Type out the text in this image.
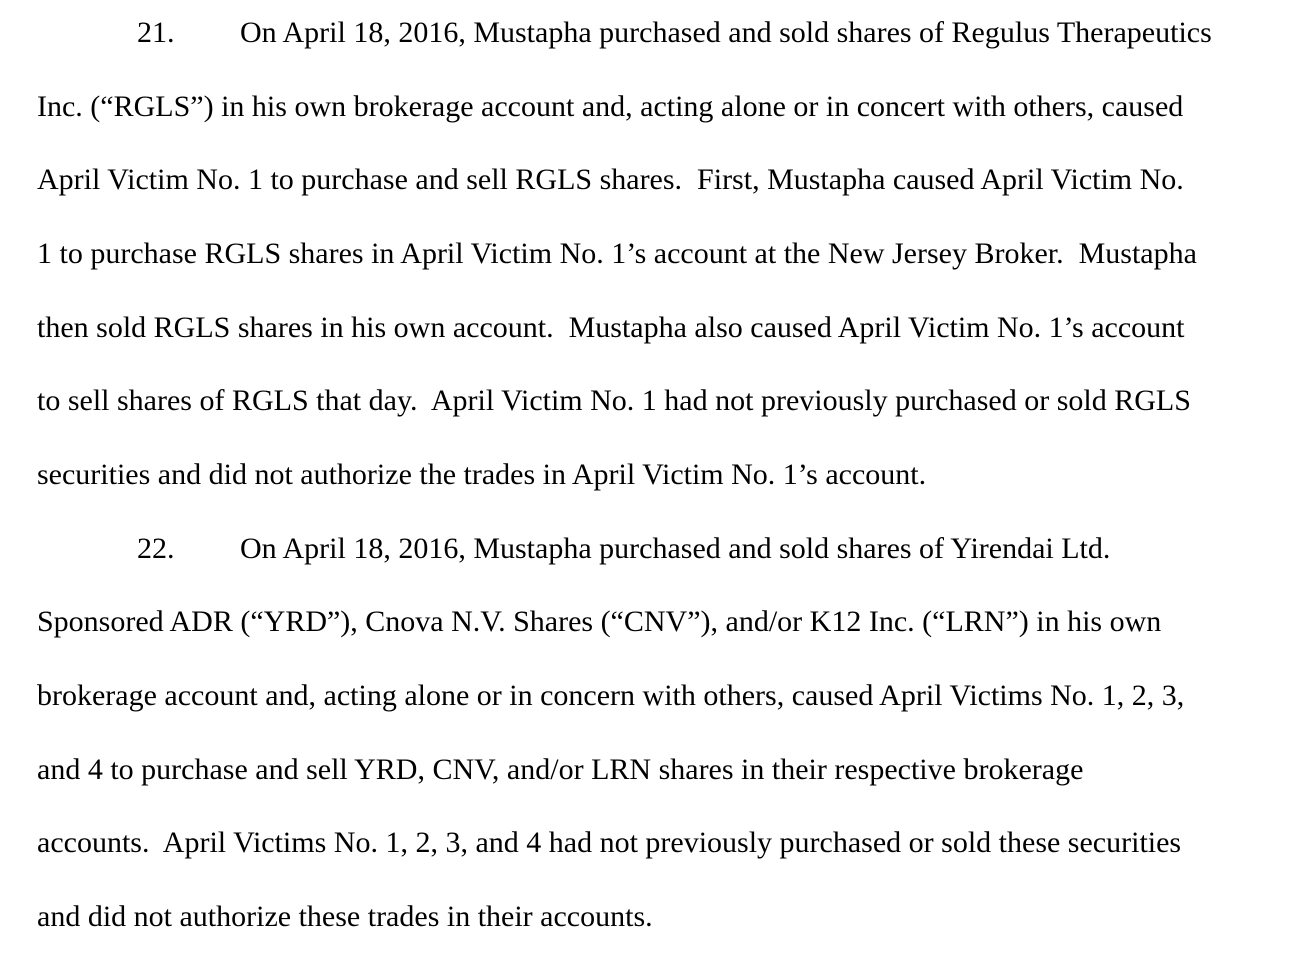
21. On April 18, 2016, Mustapha purchased and sold shares of Regulus Therapeutics
Inc. (“RGLS”) in his own brokerage account and, acting alone or in concert with others, caused
April Victim No. 1 to purchase and sell RGLS shares.  First, Mustapha caused April Victim No.
1 to purchase RGLS shares in April Victim No. 1’s account at the New Jersey Broker.  Mustapha
then sold RGLS shares in his own account.  Mustapha also caused April Victim No. 1’s account
to sell shares of RGLS that day.  April Victim No. 1 had not previously purchased or sold RGLS
securities and did not authorize the trades in April Victim No. 1’s account.
22. On April 18, 2016, Mustapha purchased and sold shares of Yirendai Ltd.
Sponsored ADR (“YRD”), Cnova N.V. Shares (“CNV”), and/or K12 Inc. (“LRN”) in his own
brokerage account and, acting alone or in concern with others, caused April Victims No. 1, 2, 3,
and 4 to purchase and sell YRD, CNV, and/or LRN shares in their respective brokerage
accounts.  April Victims No. 1, 2, 3, and 4 had not previously purchased or sold these securities
and did not authorize these trades in their accounts.
